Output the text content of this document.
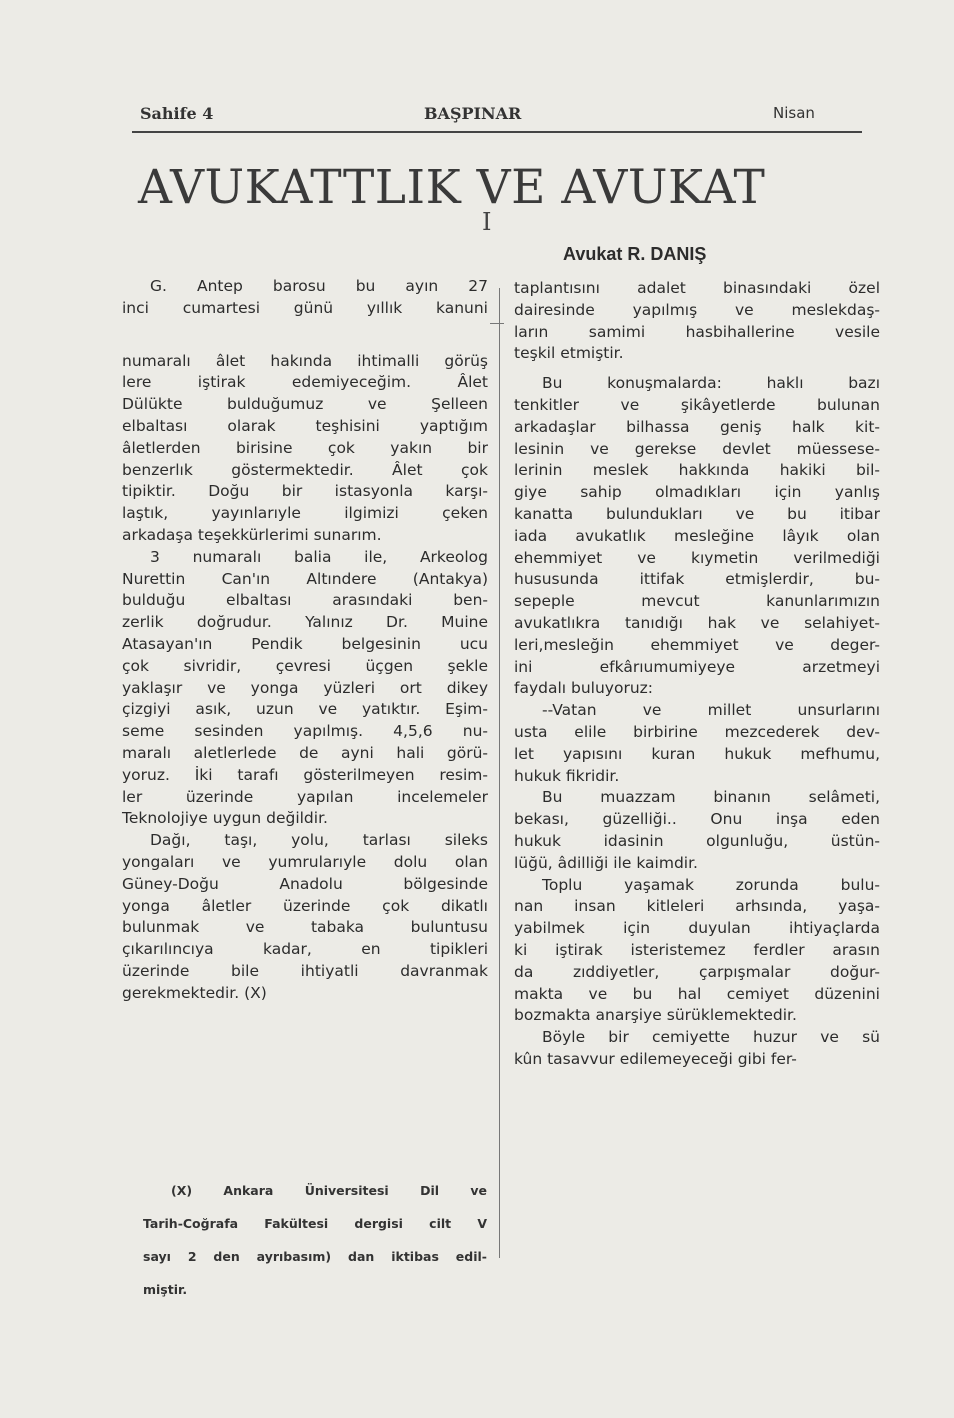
Sahife 4	BAŞPINAR	Nisan
AVUKATTLIK VE AVUKAT
I
Avukat R. DANIŞ

G. Antep barosu bu ayın 27

inci cumartesi günü yıllık kanuni

numaralı âlet hakında ihtimalli görüş

lere iştirak edemiyeceğim. Âlet

Dülükte bulduğumuz ve Şelleen

elbaltası olarak teşhisini yaptığım

âletlerden birisine çok yakın bir

benzerlık göstermektedir. Âlet çok

tipiktir. Doğu bir istasyonla karşı-

laştık, yayınlarıyle ilgimizi çeken

arkadaşa teşekkürlerimi sunarım.

3 numaralı balia ile, Arkeolog

Nurettin Can'ın Altındere (Antakya)

bulduğu elbaltası arasındaki ben-

zerlik doğrudur. Yalınız Dr. Muine

Atasayan'ın Pendik belgesinin ucu

çok sivridir, çevresi üçgen şekle

yaklaşır ve yonga yüzleri ort dikey

çizgiyi asık, uzun ve yatıktır. Eşim-

seme sesinden yapılmış. 4,5,6 nu-

maralı aletlerlede de ayni hali görü-

yoruz. İki tarafı gösterilmeyen resim-

ler üzerinde yapılan incelemeler

Teknolojiye uygun değildir.

Dağı, taşı, yolu, tarlası sileks

yongaları ve yumrularıyle dolu olan

Güney-Doğu Anadolu bölgesinde

yonga âletler üzerinde çok dikatlı

bulunmak ve tabaka buluntusu

çıkarılıncıya kadar, en tipikleri

üzerinde bile ihtiyatli davranmak

gerekmektedir. (X)

taplantısını adalet binasındaki özel

dairesinde yapılmış ve meslekdaş-

ların samimi hasbihallerine vesile

teşkil etmiştir.

Bu konuşmalarda: haklı bazı

tenkitler ve şikâyetlerde bulunan

arkadaşlar bilhassa geniş halk kit-

lesinin ve gerekse devlet müessese-

lerinin meslek hakkında hakiki bil-

giye sahip olmadıkları için yanlış

kanatta bulundukları ve bu itibar

iada avukatlık mesleğine lâyık olan

ehemmiyet ve kıymetin verilmediği

hususunda ittifak etmişlerdir, bu-

sepeple mevcut kanunlarımızın

avukatlıkra tanıdığı hak ve selahiyet-

leri,mesleğin ehemmiyet ve deger-

ini efkârıumumiyeye arzetmeyi

faydalı buluyoruz:

--Vatan ve millet unsurlarını

usta elile birbirine mezcederek dev-

let yapısını kuran hukuk mefhumu,

hukuk fikridir.

Bu muazzam binanın selâmeti,

bekası, güzelliği.. Onu inşa eden

hukuk idasinin olgunluğu, üstün-

lüğü, âdilliği ile kaimdir.

Toplu yaşamak zorunda bulu-

nan insan kitleleri arhsında, yaşa-

yabilmek için duyulan ihtiyaçlarda

ki iştirak isteristemez ferdler arasın

da zıddiyetler, çarpışmalar doğur-

makta ve bu hal cemiyet düzenini

bozmakta anarşiye sürüklemektedir.

Böyle bir cemiyette huzur ve sü

kûn tasavvur edilemeyeceği gibi fer-

(X) Ankara Üniversitesi Dil ve

Tarih-Coğrafa Fakültesi dergisi cilt V

sayı 2 den ayrıbasım) dan iktibas edil-

miştir.
